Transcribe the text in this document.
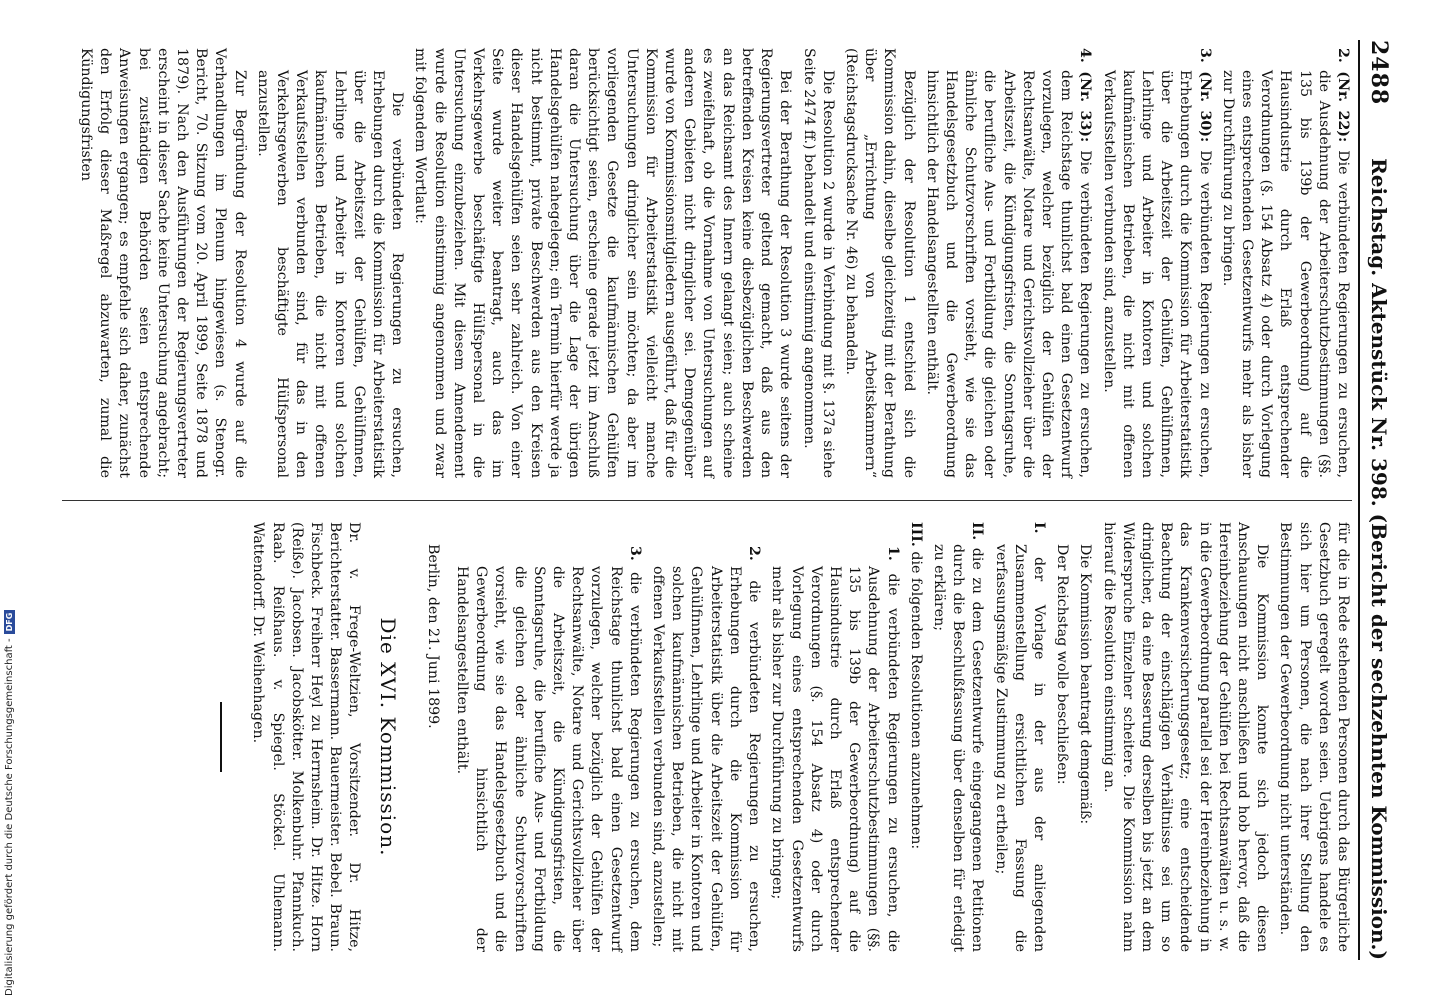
2488
Reichstag. Aktenstück Nr. 398. (Bericht der sechzehnten Kommission.)
2. (Nr. 22): Die verbündeten Regierungen zu ersuchen, die Ausdehnung der Arbeiterschutzbestimmungen (§§. 135 bis 139b der Gewerbeordnung) auf die Hausindustrie durch Erlaß entsprechender Verordnungen (§. 154 Absatz 4) oder durch Vorlegung eines entsprechenden Gesetzentwurfs mehr als bisher zur Durchführung zu bringen.
3. (Nr. 30): Die verbündeten Regierungen zu ersuchen, Erhebungen durch die Kommission für Arbeiterstatistik über die Arbeitszeit der Gehülfen, Gehülfinnen, Lehrlinge und Arbeiter in Kontoren und solchen kaufmännischen Betrieben, die nicht mit offenen Verkaufsstellen verbunden sind, anzustellen.
4. (Nr. 33): Die verbündeten Regierungen zu ersuchen, dem Reichstage thunlichst bald einen Gesetzentwurf vorzulegen, welcher bezüglich der Gehülfen der Rechtsanwälte, Notare und Gerichtsvollzieher über die Arbeitszeit, die Kündigungsfristen, die Sonntagsruhe, die berufliche Aus- und Fortbildung die gleichen oder ähnliche Schutzvorschriften vorsieht, wie sie das Handelsgesetzbuch und die Gewerbeordnung hinsichtlich der Handelsangestellten enthält.

Bezüglich der Resolution 1 entschied sich die Kommission dahin, dieselbe gleichzeitig mit der Berathung über „Errichtung von Arbeitskammern“ (Reichstagsdrucksache Nr. 46) zu behandeln.

Die Resolution 2 wurde in Verbindung mit §. 137a siehe Seite 2474 ff.) behandelt und einstimmig angenommen.

Bei der Berathung der Resolution 3 wurde seitens der Regierungsvertreter geltend gemacht, daß aus den betreffenden Kreisen keine diesbezüglichen Beschwerden an das Reichsamt des Innern gelangt seien; auch scheine es zweifelhaft, ob die Vornahme von Untersuchungen auf anderen Gebieten nicht dringlicher sei. Demgegenüber wurde von Kommissionsmitgliedern ausgeführt, daß für die Kommission für Arbeiterstatistik vielleicht manche Untersuchungen dringlicher sein möchten; da aber im vorliegenden Gesetze die kaufmännischen Gehülfen berücksichtigt seien, erscheine gerade jetzt im Anschluß daran die Untersuchung über die Lage der übrigen Handelsgehülfen nahegelegen; ein Termin hierfür werde ja nicht bestimmt, private Beschwerden aus den Kreisen dieser Handelsgehülfen seien sehr zahlreich. Von einer Seite wurde weiter beantragt, auch das im Verkehrsgewerbe beschäftigte Hülfspersonal in die Untersuchung einzubeziehen. Mit diesem Amendement wurde die Resolution einstimmig angenommen und zwar mit folgendem Wortlaut:

Die verbündeten Regierungen zu ersuchen, Erhebungen durch die Kommission für Arbeiterstatistik über die Arbeitszeit der Gehülfen, Gehülfinnen, Lehrlinge und Arbeiter in Kontoren und solchen kaufmännischen Betrieben, die nicht mit offenen Verkaufsstellen verbunden sind, für das in den Verkehrsgewerben beschäftigte Hülfspersonal anzustellen.

Zur Begründung der Resolution 4 wurde auf die Verhandlungen im Plenum hingewiesen (s. Stenogr. Bericht, 70. Sitzung vom 20. April 1899, Seite 1878 und 1879). Nach den Ausführungen der Regierungsvertreter erscheint in dieser Sache keine Untersuchung angebracht; bei zuständigen Behörden seien entsprechende Anweisungen ergangen; es empfehle sich daher, zunächst den Erfolg dieser Maßregel abzuwarten, zumal die Kündigungsfristen

für die in Rede stehenden Personen durch das Bürgerliche Gesetzbuch geregelt worden seien. Uebrigens handele es sich hier um Personen, die nach ihrer Stellung den Bestimmungen der Gewerbeordnung nicht unterständen.

Die Kommission konnte sich jedoch diesen Anschauungen nicht anschließen und hob hervor, daß die Hereinbeziehung der Gehülfen bei Rechtsanwälten u. s. w. in die Gewerbeordnung parallel sei der Hereinbeziehung in das Krankenversicherungsgesetz; eine entscheidende Beachtung der einschlägigen Verhältnisse sei um so dringlicher, da eine Besserung derselben bis jetzt an dem Widerspruche Einzelner scheitere. Die Kommission nahm hierauf die Resolution einstimmig an.

Die Kommission beantragt demgemäß:

Der Reichstag wolle beschließen:

I. der Vorlage in der aus der anliegenden Zusammenstellung ersichtlichen Fassung die verfassungsmäßige Zustimmung zu ertheilen;
II. die zu dem Gesetzentwurfe eingegangenen Petitionen durch die Beschlußfassung über denselben für erledigt zu erklären;
III. die folgenden Resolutionen anzunehmen:
1. die verbündeten Regierungen zu ersuchen, die Ausdehnung der Arbeiterschutzbestimmungen (§§. 135 bis 139b der Gewerbeordnung) auf die Hausindustrie durch Erlaß entsprechender Verordnungen (§. 154 Absatz 4) oder durch Vorlegung eines entsprechenden Gesetzentwurfs mehr als bisher zur Durchführung zu bringen;
2. die verbündeten Regierungen zu ersuchen, Erhebungen durch die Kommission für Arbeiterstatistik über die Arbeitszeit der Gehülfen, Gehülfinnen, Lehrlinge und Arbeiter in Kontoren und solchen kaufmännischen Betrieben, die nicht mit offenen Verkaufsstellen verbunden sind, anzustellen;
3. die verbündeten Regierungen zu ersuchen, dem Reichstage thunlichst bald einen Gesetzentwurf vorzulegen, welcher bezüglich der Gehülfen der Rechtsanwälte, Notare und Gerichtsvollzieher über die Arbeitszeit, die Kündigungsfristen, die Sonntagsruhe, die berufliche Aus- und Fortbildung die gleichen oder ähnliche Schutzvorschriften vorsieht, wie sie das Handelsgesetzbuch und die Gewerbeordnung hinsichtlich der Handelsangestellten enthält.

Berlin, den 21. Juni 1899.

Die XVI. Kommission.

Dr. v. Frege-Weltzien, Vorsitzender. Dr. Hitze, Berichterstatter. Bassermann. Bauermeister. Bebel. Braun. Fischbeck. Freiherr Heyl zu Herrnsheim. Dr. Hitze. Horn (Reiße). Jacobsen. Jacobskötter. Molkenbuhr. Pfannkuch. Raab. Reißhaus. v. Spiegel. Stöckel. Uhlemann. Wattendorff. Dr. Weihenhagen.

Digitalisierung gefördert durch die Deutsche Forschungsgemeinschaft -
DFG
